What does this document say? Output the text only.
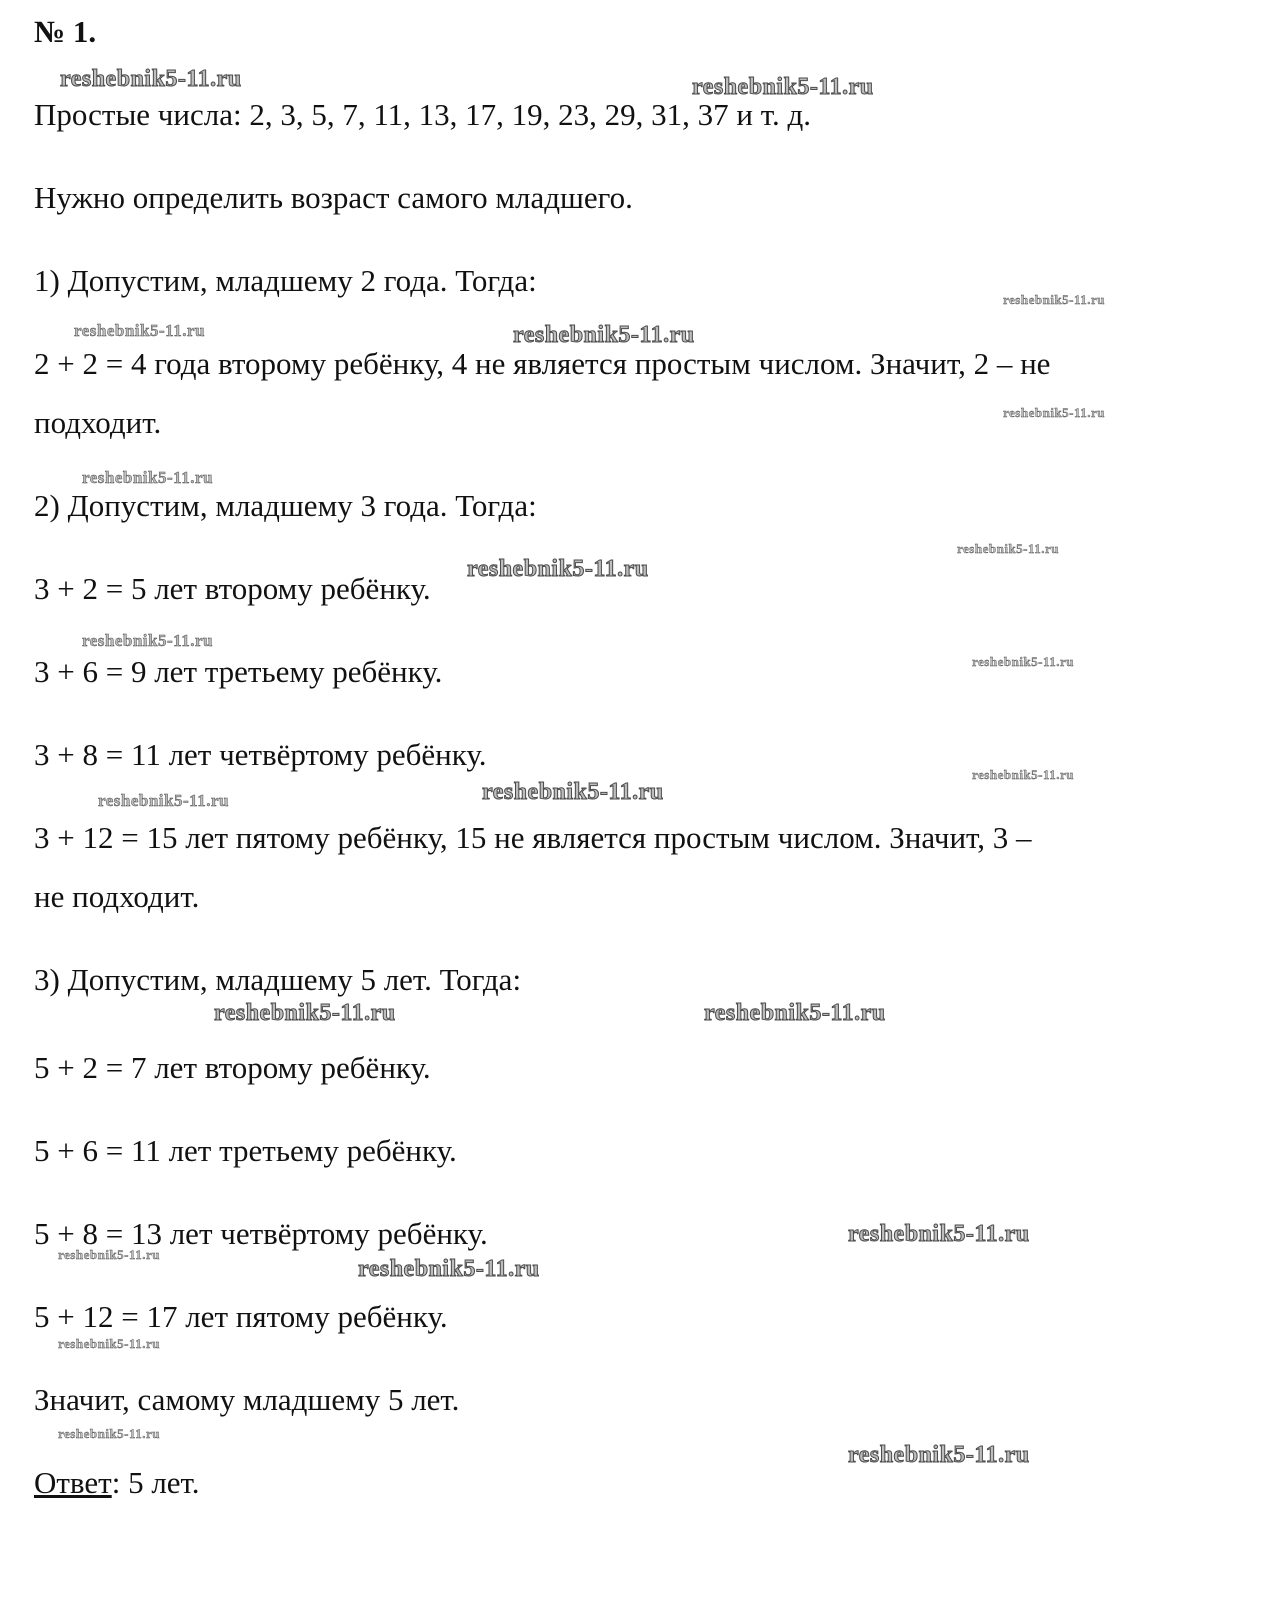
№ 1.

Простые числа: 2, 3, 5, 7, 11, 13, 17, 19, 23, 29, 31, 37 и т. д.

Нужно определить возраст самого младшего.

1) Допустим, младшему 2 года. Тогда:

2 + 2 = 4 года второму ребёнку, 4 не является простым числом. Значит, 2 – не

подходит.

2) Допустим, младшему 3 года. Тогда:

3 + 2 = 5 лет второму ребёнку.

3 + 6 = 9 лет третьему ребёнку.

3 + 8 = 11 лет четвёртому ребёнку.

3 + 12 = 15 лет пятому ребёнку, 15 не является простым числом. Значит, 3 –

не подходит.

3) Допустим, младшему 5 лет. Тогда:

5 + 2 = 7 лет второму ребёнку.

5 + 6 = 11 лет третьему ребёнку.

5 + 8 = 13 лет четвёртому ребёнку.

5 + 12 = 17 лет пятому ребёнку.

Значит, самому младшему 5 лет.

Ответ: 5 лет.

reshebnik5-11.ru	reshebnik5-11.ru
reshebnik5-11.ru
reshebnik5-11.ru	reshebnik5-11.ru
reshebnik5-11.ru
reshebnik5-11.ru
reshebnik5-11.ru
reshebnik5-11.ru
reshebnik5-11.ru
reshebnik5-11.ru
reshebnik5-11.ru
reshebnik5-11.ru
reshebnik5-11.ru
reshebnik5-11.ru	reshebnik5-11.ru
reshebnik5-11.ru
reshebnik5-11.ru
reshebnik5-11.ru
reshebnik5-11.ru
reshebnik5-11.ru
reshebnik5-11.ru
